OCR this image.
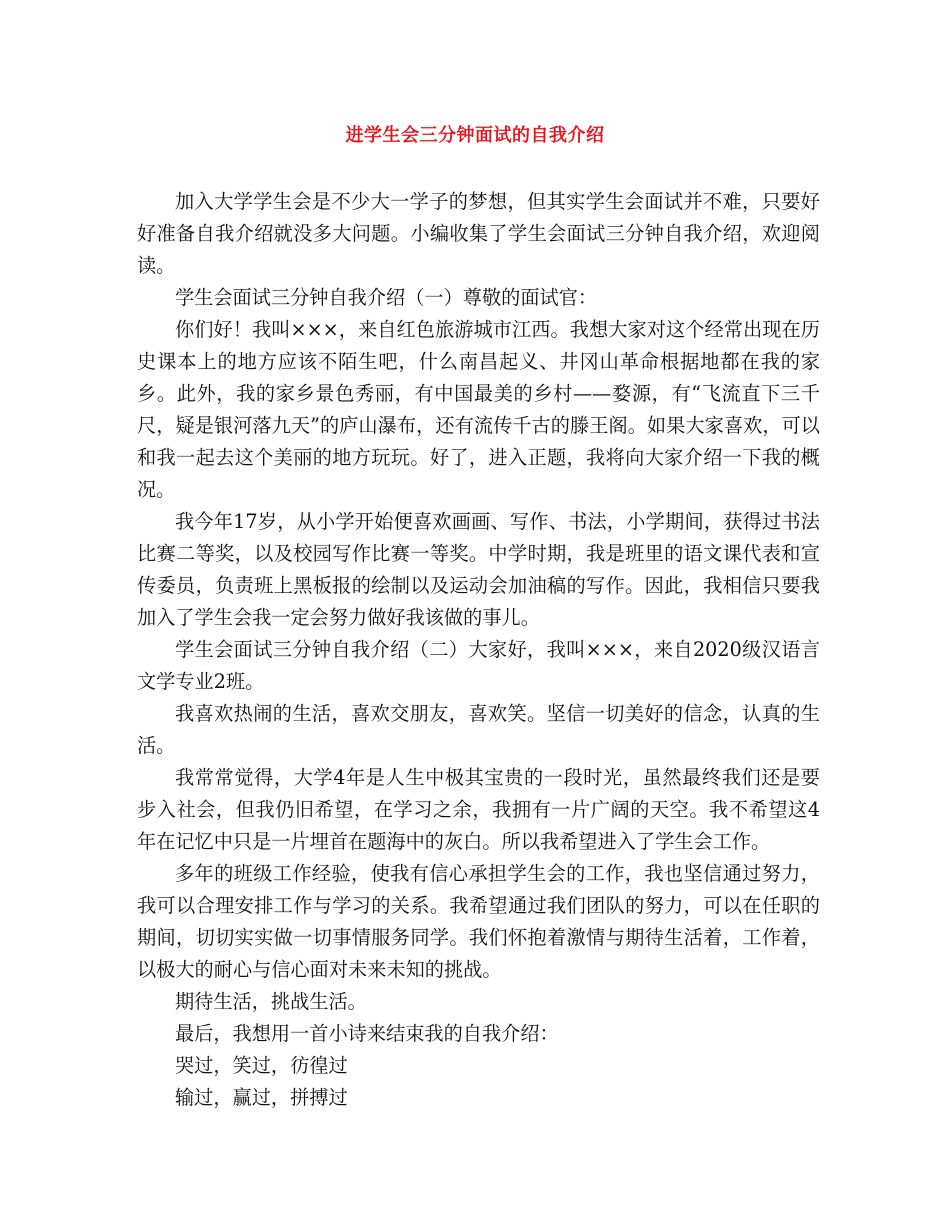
进学生会三分钟面试的自我介绍

加入大学学生会是不少大一学子的梦想，但其实学生会面试并不难，只要好好准备自我介绍就没多大问题。小编收集了学生会面试三分钟自我介绍，欢迎阅读。

学生会面试三分钟自我介绍（一）尊敬的面试官：

你们好！我叫×××，来自红色旅游城市江西。我想大家对这个经常出现在历史课本上的地方应该不陌生吧，什么南昌起义、井冈山革命根据地都在我的家乡。此外，我的家乡景色秀丽，有中国最美的乡村——婺源，有“飞流直下三千尺，疑是银河落九天”的庐山瀑布，还有流传千古的滕王阁。如果大家喜欢，可以和我一起去这个美丽的地方玩玩。好了，进入正题，我将向大家介绍一下我的概况。

我今年17岁，从小学开始便喜欢画画、写作、书法，小学期间，获得过书法比赛二等奖，以及校园写作比赛一等奖。中学时期，我是班里的语文课代表和宣传委员，负责班上黑板报的绘制以及运动会加油稿的写作。因此，我相信只要我加入了学生会我一定会努力做好我该做的事儿。

学生会面试三分钟自我介绍（二）大家好，我叫×××，来自2020级汉语言文学专业2班。

我喜欢热闹的生活，喜欢交朋友，喜欢笑。坚信一切美好的信念，认真的生活。

我常常觉得，大学4年是人生中极其宝贵的一段时光，虽然最终我们还是要步入社会，但我仍旧希望，在学习之余，我拥有一片广阔的天空。我不希望这4年在记忆中只是一片埋首在题海中的灰白。所以我希望进入了学生会工作。

多年的班级工作经验，使我有信心承担学生会的工作，我也坚信通过努力，我可以合理安排工作与学习的关系。我希望通过我们团队的努力，可以在任职的期间，切切实实做一切事情服务同学。我们怀抱着激情与期待生活着，工作着，以极大的耐心与信心面对未来未知的挑战。

期待生活，挑战生活。

最后，我想用一首小诗来结束我的自我介绍：

哭过，笑过，彷徨过

输过，赢过，拼搏过
